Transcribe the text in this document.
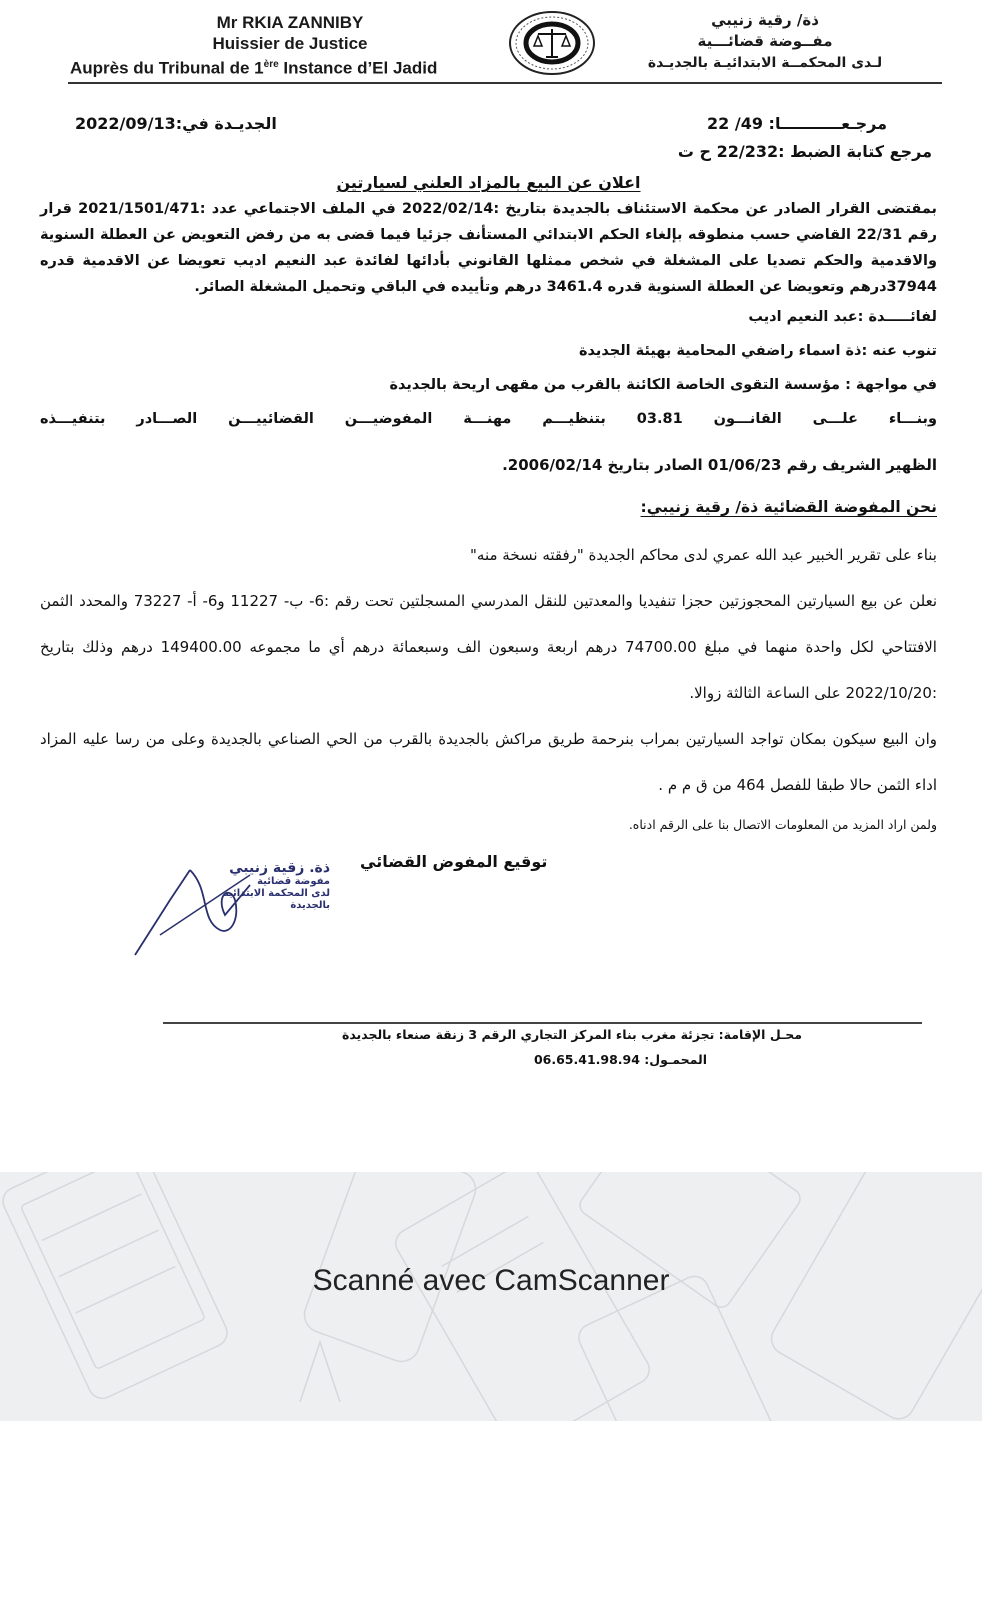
Mr RKIA ZANNIBY
Huissier de Justice
Auprès du Tribunal de 1ère Instance d’El Jadid
ذة/ رقية زنيبي
مفــوضة قضائـــية
لـدى المحكمــة الابتدائيـة بالجديـدة
الجديـدة في:2022/09/13	مرجـعـــــــــــا: 49/ 22
مرجع كتابة الضبط :22/232 ح ت
اعلان عن البيع بالمزاد العلني لسيارتين
بمقتضى القرار الصادر عن محكمة الاستئناف بالجديدة بتاريخ :2022/02/14 في الملف الاجتماعي عدد :2021/1501/471 قرار رقم 22/31 القاضي حسب منطوقه بإلغاء الحكم الابتدائي المستأنف جزئيا فيما قضى به من رفض التعويض عن العطلة السنوية والاقدمية والحكم تصديا على المشغلة في شخص ممثلها القانوني بأدائها لفائدة عبد النعيم اديب تعويضا عن الاقدمية قدره 37944درهم وتعويضا عن العطلة السنوية قدره 3461.4 درهم وتأييده في الباقي وتحميل المشغلة الصائر.
لفائـــــدة :عبد النعيم اديب
تنوب عنه :ذة اسماء راضفي المحامية بهيئة الجديدة
في مواجهة : مؤسسة التقوى الخاصة الكائنة بالقرب من مقهى اريحة بالجديدة
وبنـــاء علـــى القانـــون 03.81 بتنظيـــم مهنـــة المفوضيـــن القضائييـــن الصـــادر بتنفيـــذه
الظهير الشريف رقم 01/06/23 الصادر بتاريخ 2006/02/14.
نحن المفوضة القضائية ذة/ رقية زنيبي:
بناء على تقرير الخبير عبد الله عمري لدى محاكم الجديدة "رفقته نسخة منه"
نعلن عن بيع السيارتين المحجوزتين حجزا تنفيديا والمعدتين للنقل المدرسي المسجلتين تحت رقم :6- ب- 11227 و6- أ- 73227 والمحدد الثمن الافتتاحي لكل واحدة منهما في مبلغ 74700.00 درهم اربعة وسبعون الف وسبعمائة درهم أي ما مجموعه 149400.00 درهم وذلك بتاريخ :2022/10/20 على الساعة الثالثة زوالا.
وان البيع سيكون بمكان تواجد السيارتين بمراب بنرحمة طريق مراكش بالجديدة بالقرب من الحي الصناعي بالجديدة وعلى من رسا عليه المزاد اداء الثمن حالا طبقا للفصل 464 من ق م م .
ولمن اراد المزيد من المعلومات الاتصال بنا على الرقم ادناه.
توقيع المفوض القضائي
ذة. زقية زنيبي
مفوضة قضائية
لدى المحكمة الابتدائية
بالجديدة
محـل الإقامة: تجزئة مغرب بناء المركز التجاري الرقم 3 زنقة صنعاء بالجديدة
المحمـول: 06.65.41.98.94
Scanné avec CamScanner
